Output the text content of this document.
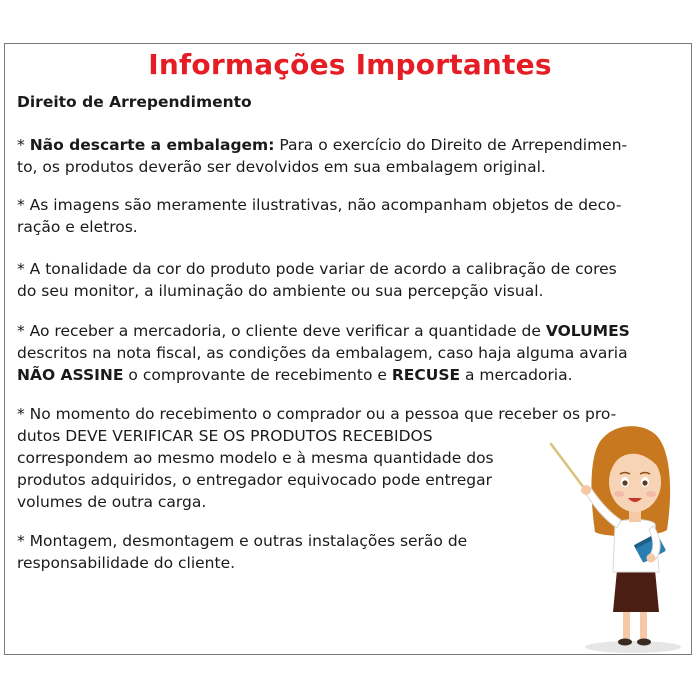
Informações Importantes

Direito de Arrependimento

* Não descarte a embalagem: Para o exercício do Direito de Arrependimen-
to, os produtos deverão ser devolvidos em sua embalagem original.
* As imagens são meramente ilustrativas, não acompanham objetos de deco-
ração e eletros.
* A tonalidade da cor do produto pode variar de acordo a calibração de cores
do seu monitor, a iluminação do ambiente ou sua percepção visual.
* Ao receber a mercadoria, o cliente deve verificar a quantidade de VOLUMES
descritos na nota fiscal, as condições da embalagem, caso haja alguma avaria
NÃO ASSINE o comprovante de recebimento e RECUSE a mercadoria.
* No momento do recebimento o comprador ou a pessoa que receber os pro-
dutos DEVE VERIFICAR SE OS PRODUTOS RECEBIDOS
correspondem ao mesmo modelo e à mesma quantidade dos
produtos adquiridos, o entregador equivocado pode entregar
volumes de outra carga.
* Montagem, desmontagem e outras instalações serão de
responsabilidade do cliente.
